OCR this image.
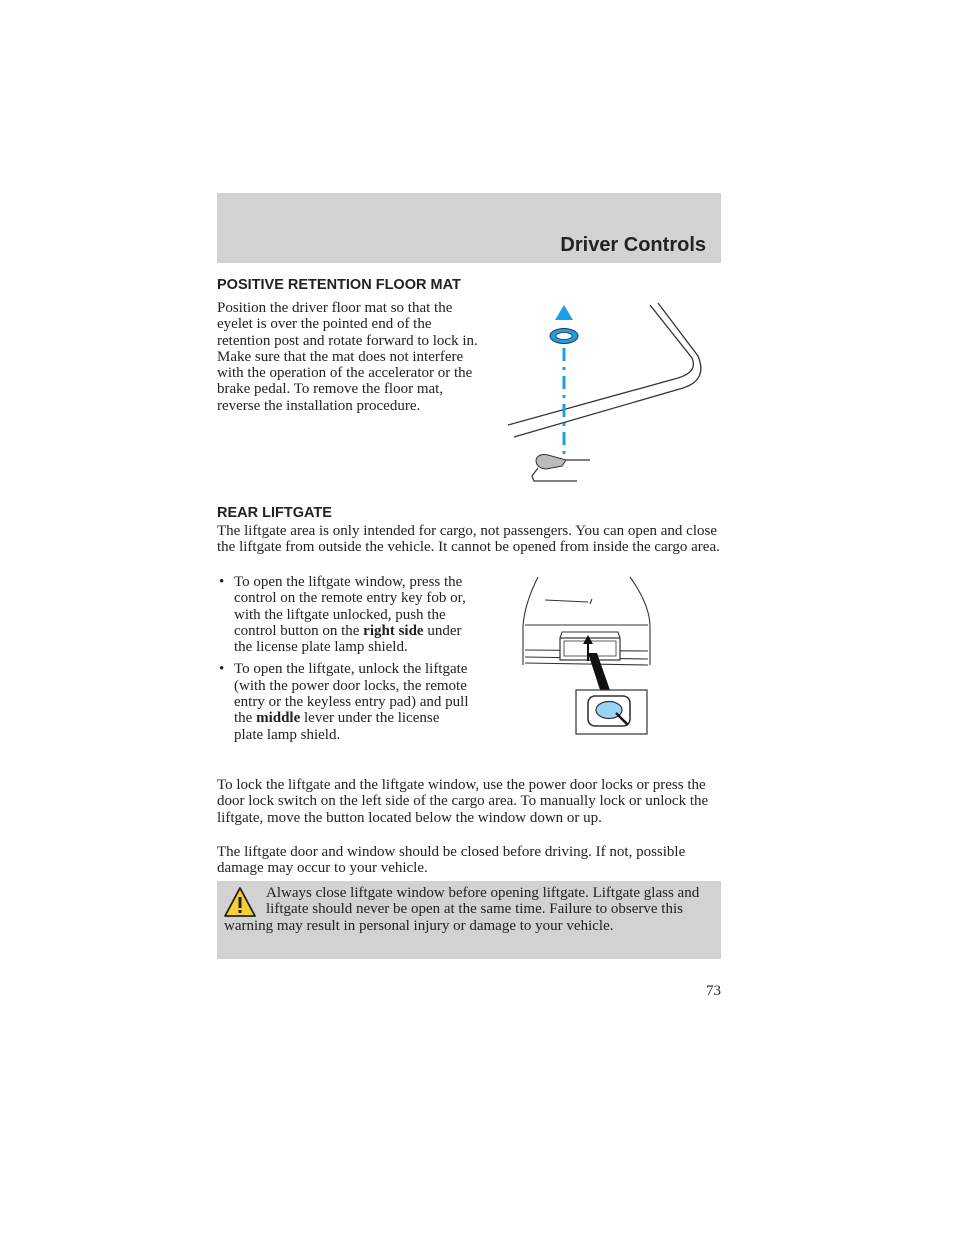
Driver Controls
POSITIVE RETENTION FLOOR MAT

Position the driver floor mat so that the eyelet is over the pointed end of the retention post and rotate forward to lock in. Make sure that the mat does not interfere with the operation of the accelerator or the brake pedal. To remove the floor mat, reverse the installation procedure.

REAR LIFTGATE

The liftgate area is only intended for cargo, not passengers. You can open and close the liftgate from outside the vehicle. It cannot be opened from inside the cargo area.

• To open the liftgate window, press the control on the remote entry key fob or, with the liftgate unlocked, push the control button on the right side under the license plate lamp shield.
• To open the liftgate, unlock the liftgate (with the power door locks, the remote entry or the keyless entry pad) and pull the middle lever under the license plate lamp shield.

To lock the liftgate and the liftgate window, use the power door locks or press the door lock switch on the left side of the cargo area. To manually lock or unlock the liftgate, move the button located below the window down or up.

The liftgate door and window should be closed before driving. If not, possible damage may occur to your vehicle.

Always close liftgate window before opening liftgate. Liftgate glass and liftgate should never be open at the same time. Failure to observe this warning may result in personal injury or damage to your vehicle.

73
